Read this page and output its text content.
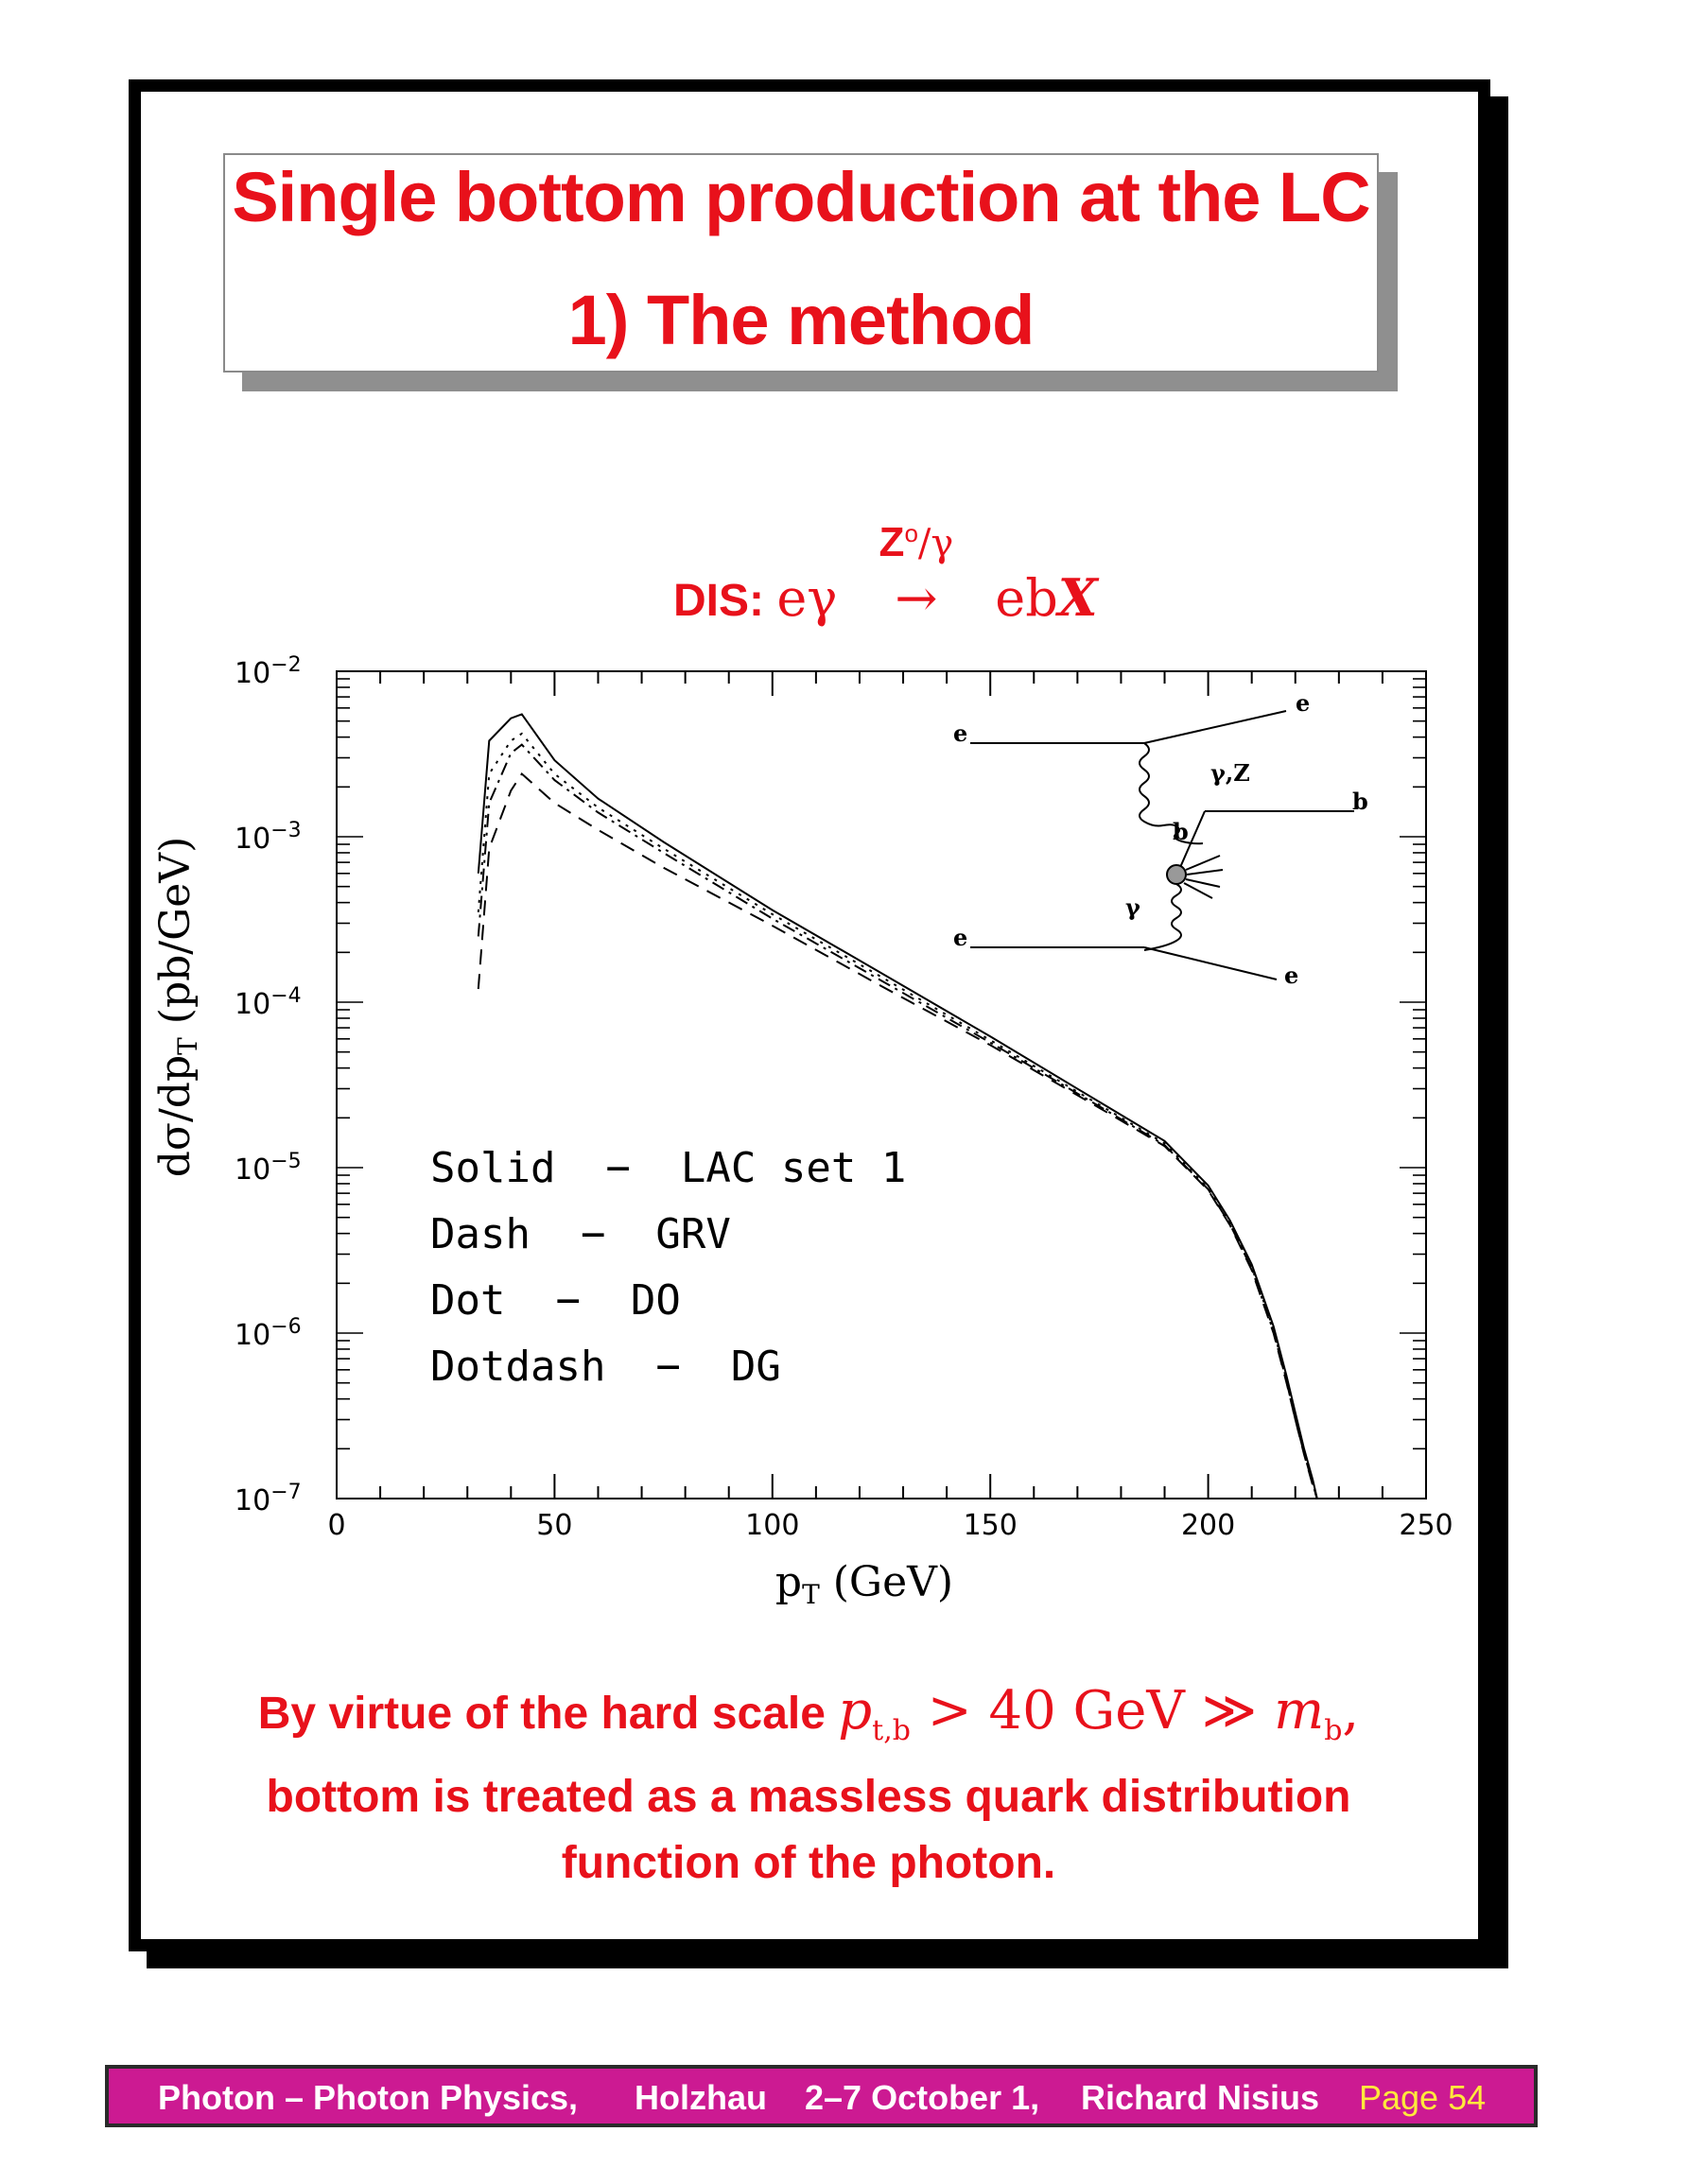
Single bottom production at the LC
1) The method
DIS: eγ
$Z^o/\gamma$
→ ebX
0	50	100	150	200	250
$10^{-7}$
$10^{-6}$
$10^{-5}$
$10^{-4}$
$10^{-3}$
$10^{-2}$
dσ/dpT (pb/GeV)
pT (GeV)
Solid  −  LAC set 1
Dash  −  GRV
Dot  −  DO
Dotdash  −  DG
e
e
γ,Z
b
b
γ
e
e
By virtue of the hard scale $p_{t,b} > 40$ GeV ≫ $m_b$,
bottom is treated as a massless quark distribution
function of the photon.
Photon – Photon Physics, Holzhau 2–7 October 1, Richard Nisius Page 54
